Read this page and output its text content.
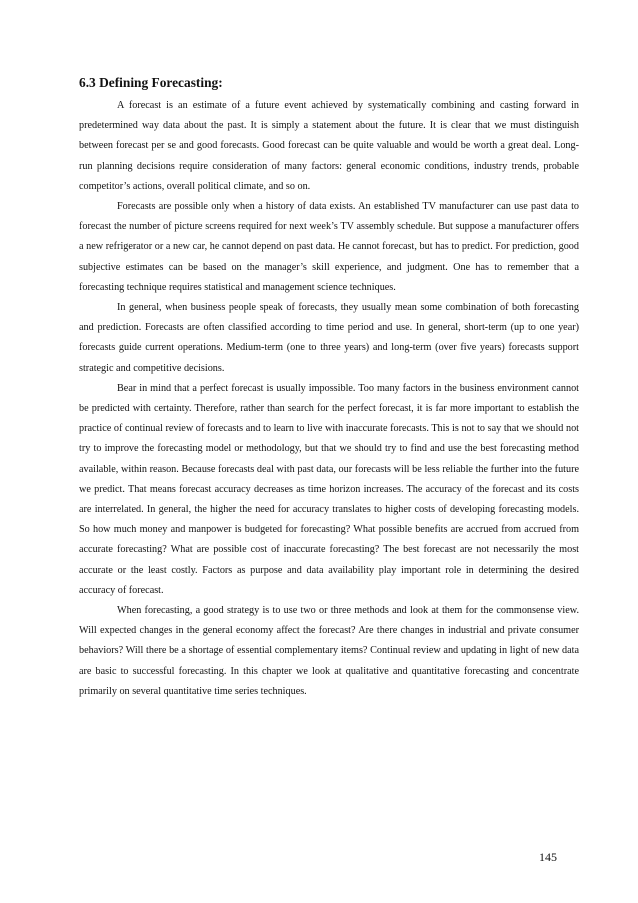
6.3 Defining Forecasting:

A forecast is an estimate of a future event achieved by systematically combining and casting forward in predetermined way data about the past. It is simply a statement about the future. It is clear that we must distinguish between forecast per se and good forecasts. Good forecast can be quite valuable and would be worth a great deal. Long-run planning decisions require consideration of many factors: general economic conditions, industry trends, probable competitor’s actions, overall political climate, and so on.

Forecasts are possible only when a history of data exists. An established TV manufacturer can use past data to forecast the number of picture screens required for next week’s TV assembly schedule. But suppose a manufacturer offers a new refrigerator or a new car, he cannot depend on past data. He cannot forecast, but has to predict. For prediction, good subjective estimates can be based on the manager’s skill experience, and judgment. One has to remember that a forecasting technique requires statistical and management science techniques.

In general, when business people speak of forecasts, they usually mean some combination of both forecasting and prediction. Forecasts are often classified according to time period and use. In general, short-term (up to one year) forecasts guide current operations. Medium-term (one to three years) and long-term (over five years) forecasts support strategic and competitive decisions.

Bear in mind that a perfect forecast is usually impossible. Too many factors in the business environment cannot be predicted with certainty. Therefore, rather than search for the perfect forecast, it is far more important to establish the practice of continual review of forecasts and to learn to live with inaccurate forecasts. This is not to say that we should not try to improve the forecasting model or methodology, but that we should try to find and use the best forecasting method available, within reason. Because forecasts deal with past data, our forecasts will be less reliable the further into the future we predict. That means forecast accuracy decreases as time horizon increases. The accuracy of the forecast and its costs are interrelated. In general, the higher the need for accuracy translates to higher costs of developing forecasting models. So how much money and manpower is budgeted for forecasting? What possible benefits are accrued from accrued from accurate forecasting? What are possible cost of inaccurate forecasting? The best forecast are not necessarily the most accurate or the least costly. Factors as purpose and data availability play important role in determining the desired accuracy of forecast.

When forecasting, a good strategy is to use two or three methods and look at them for the commonsense view. Will expected changes in the general economy affect the forecast? Are there changes in industrial and private consumer behaviors? Will there be a shortage of essential complementary items? Continual review and updating in light of new data are basic to successful forecasting. In this chapter we look at qualitative and quantitative forecasting and concentrate primarily on several quantitative time series techniques.

145
